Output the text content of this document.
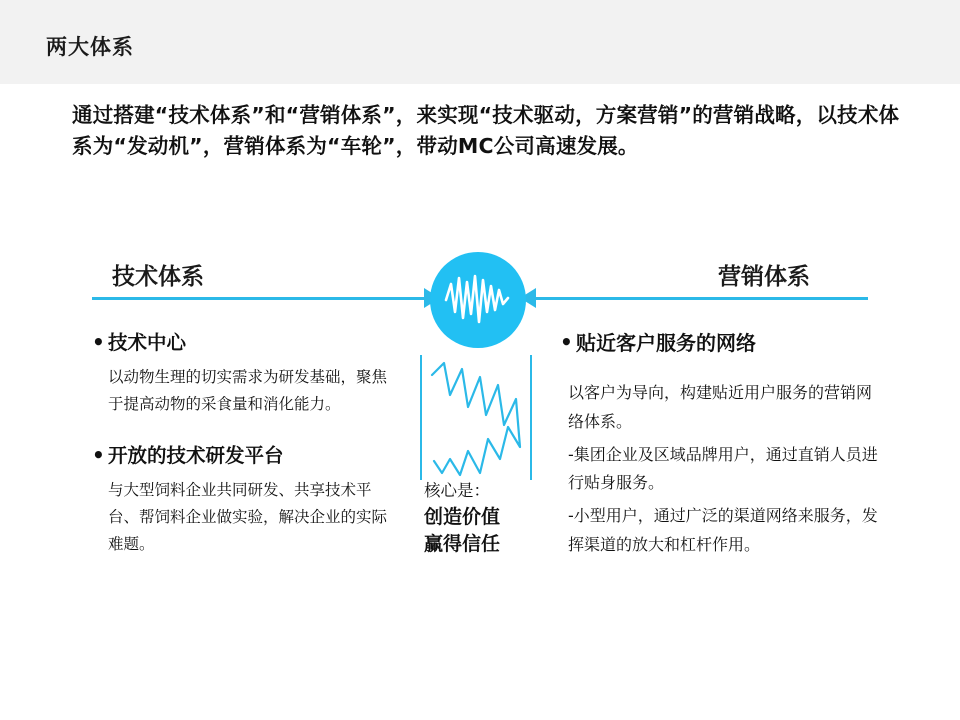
两大体系
通过搭建“技术体系”和“营销体系”，来实现“技术驱动，方案营销”的营销战略，以技术体系为“发动机”，营销体系为“车轮”，带动MC公司高速发展。
技术体系	营销体系
核心是：
创造价值
赢得信任
• 技术中心
以动物生理的切实需求为研发基础，聚焦于提高动物的采食量和消化能力。
• 开放的技术研发平台
与大型饲料企业共同研发、共享技术平台、帮饲料企业做实验，解决企业的实际难题。
• 贴近客户服务的网络
以客户为导向，构建贴近用户服务的营销网络体系。
-集团企业及区域品牌用户，通过直销人员进行贴身服务。
-小型用户，通过广泛的渠道网络来服务，发挥渠道的放大和杠杆作用。
